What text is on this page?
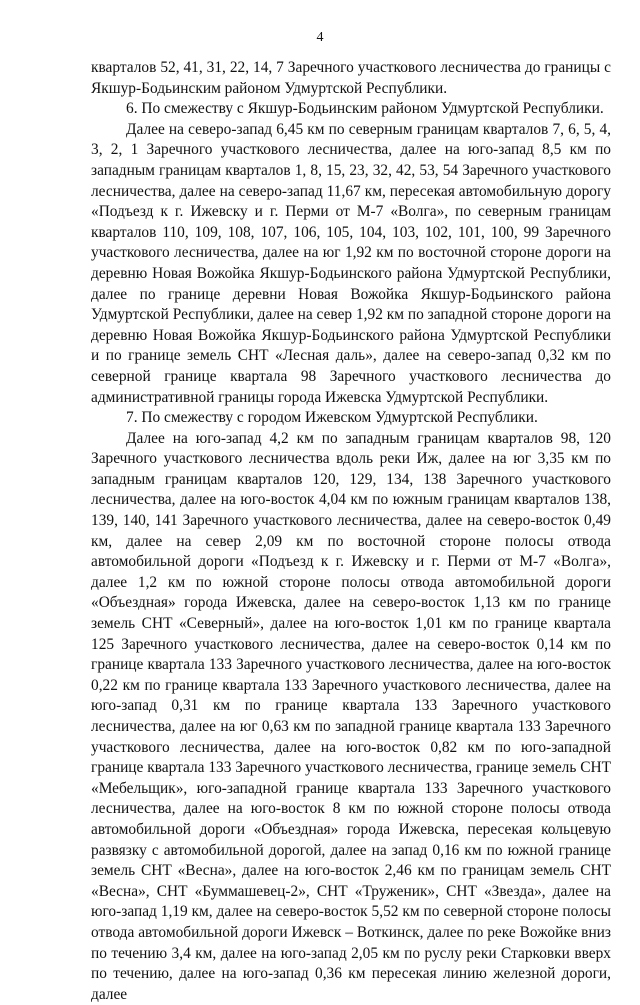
4

кварталов 52, 41, 31, 22, 14, 7 Заречного участкового лесничества до границы с Якшур-Бодьинским районом Удмуртской Республики.

6. По смежеству с Якшур-Бодьинским районом Удмуртской Республики.

Далее на северо-запад 6,45 км по северным границам кварталов 7, 6, 5, 4, 3, 2, 1 Заречного участкового лесничества, далее на юго-запад 8,5 км по западным границам кварталов 1, 8, 15, 23, 32, 42, 53, 54 Заречного участкового лесничества, далее на северо-запад 11,67 км, пересекая автомобильную дорогу «Подъезд к г. Ижевску и г. Перми от М-7 «Волга», по северным границам кварталов 110, 109, 108, 107, 106, 105, 104, 103, 102, 101, 100, 99 Заречного участкового лесничества, далее на юг 1,92 км по восточной стороне дороги на деревню Новая Вожойка Якшур-Бодьинского района Удмуртской Республики, далее по границе деревни Новая Вожойка Якшур-Бодьинского района Удмуртской Республики, далее на север 1,92 км по западной стороне дороги на деревню Новая Вожойка Якшур-Бодьинского района Удмуртской Республики и по границе земель СНТ «Лесная даль», далее на северо-запад 0,32 км по северной границе квартала 98 Заречного участкового лесничества до административной границы города Ижевска Удмуртской Республики.

7. По смежеству с городом Ижевском Удмуртской Республики.

Далее на юго-запад 4,2 км по западным границам кварталов 98, 120 Заречного участкового лесничества вдоль реки Иж, далее на юг 3,35 км по западным границам кварталов 120, 129, 134, 138 Заречного участкового лесничества, далее на юго-восток 4,04 км по южным границам кварталов 138, 139, 140, 141 Заречного участкового лесничества, далее на северо-восток 0,49 км, далее на север 2,09 км по восточной стороне полосы отвода автомобильной дороги «Подъезд к г. Ижевску и г. Перми от М-7 «Волга», далее 1,2 км по южной стороне полосы отвода автомобильной дороги «Объездная» города Ижевска, далее на северо-восток 1,13 км по границе земель СНТ «Северный», далее на юго-восток 1,01 км по границе квартала 125 Заречного участкового лесничества, далее на северо-восток 0,14 км по границе квартала 133 Заречного участкового лесничества, далее на юго-восток 0,22 км по границе квартала 133 Заречного участкового лесничества, далее на юго-запад 0,31 км по границе квартала 133 Заречного участкового лесничества, далее на юг 0,63 км по западной границе квартала 133 Заречного участкового лесничества, далее на юго-восток 0,82 км по юго-западной границе квартала 133 Заречного участкового лесничества, границе земель СНТ «Мебельщик», юго-западной границе квартала 133 Заречного участкового лесничества, далее на юго-восток 8 км по южной стороне полосы отвода автомобильной дороги «Объездная» города Ижевска, пересекая кольцевую развязку с автомобильной дорогой, далее на запад 0,16 км по южной границе земель СНТ «Весна», далее на юго-восток 2,46 км по границам земель СНТ «Весна», СНТ «Буммашевец-2», СНТ «Труженик», СНТ «Звезда», далее на юго-запад 1,19 км, далее на северо-восток 5,52 км по северной стороне полосы отвода автомобильной дороги Ижевск – Воткинск, далее по реке Вожойке вниз по течению 3,4 км, далее на юго-запад 2,05 км по руслу реки Старковки вверх по течению, далее на юго-запад 0,36 км пересекая линию железной дороги, далее
